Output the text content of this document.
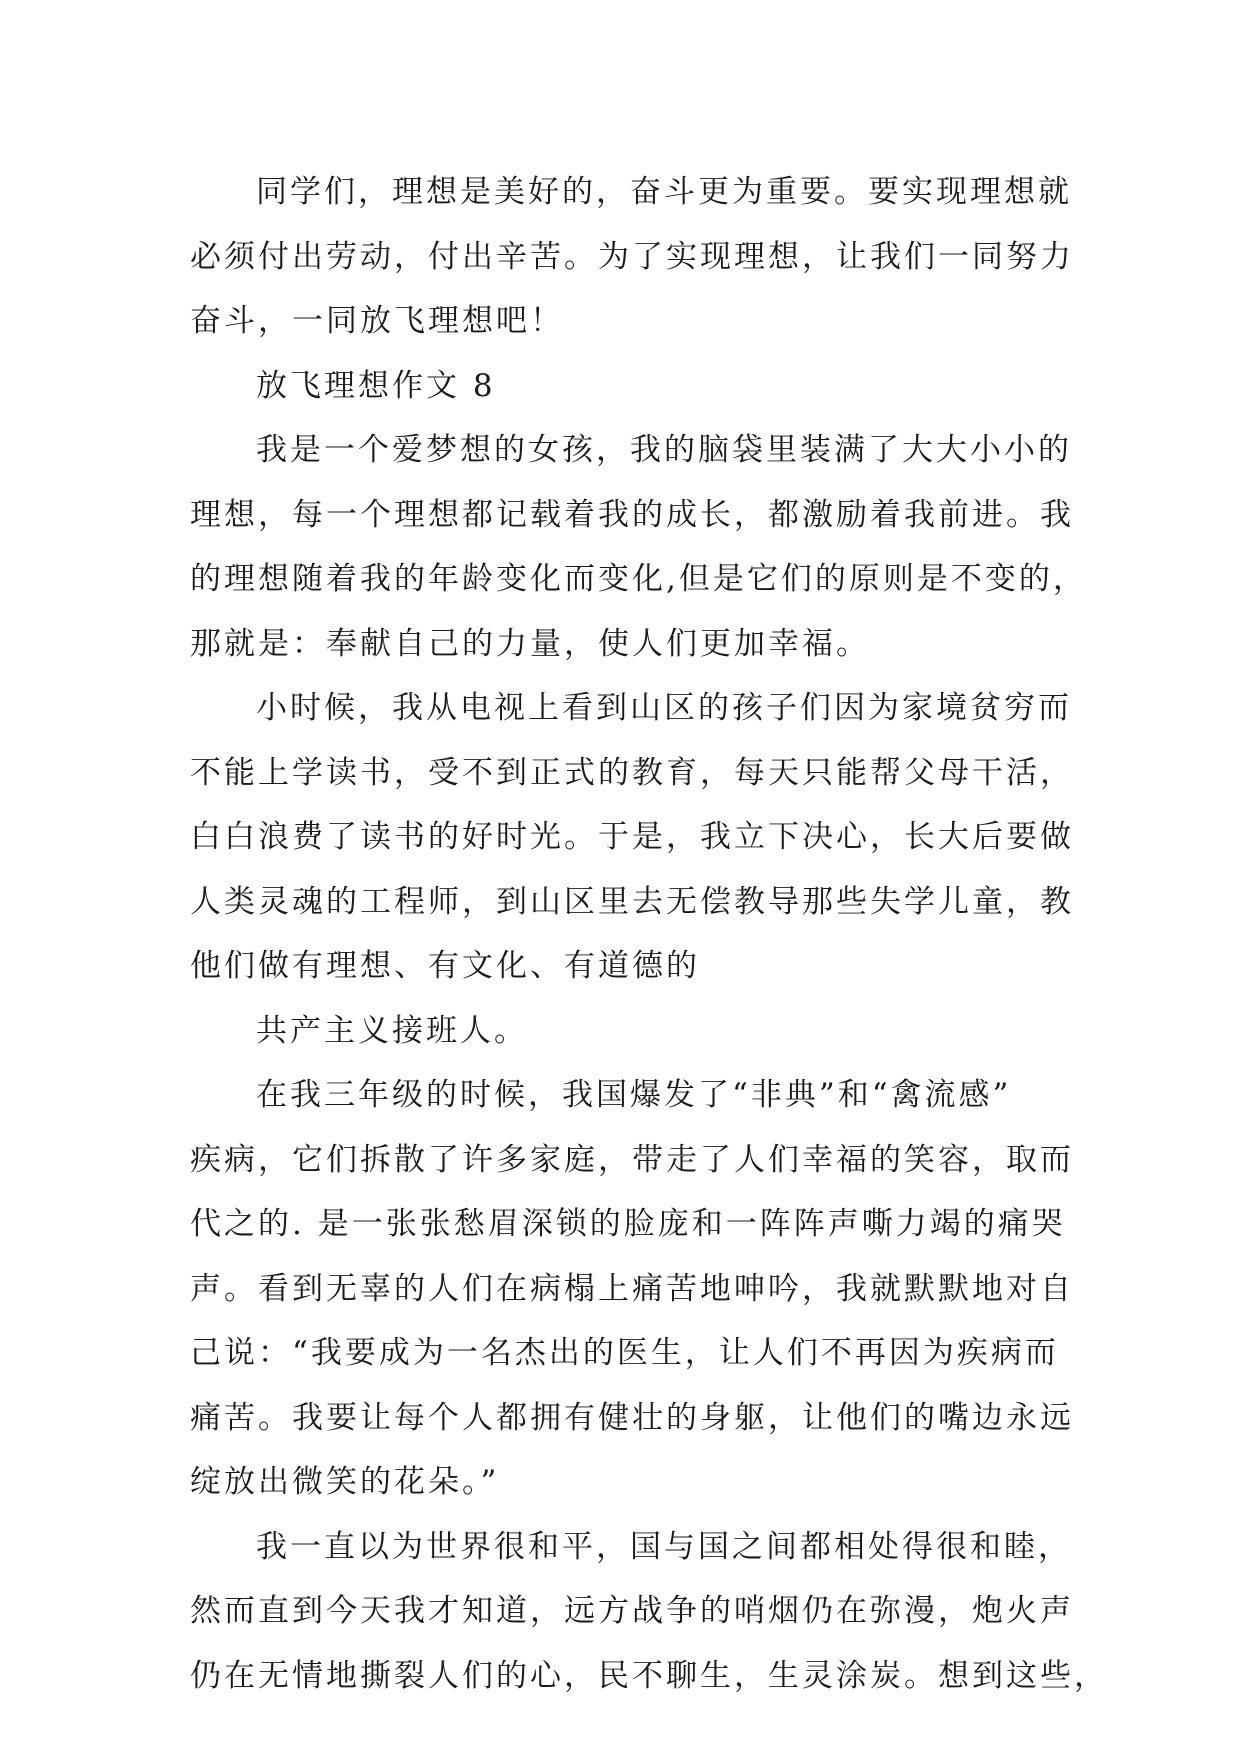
同学们，理想是美好的，奋斗更为重要。要实现理想就
必须付出劳动，付出辛苦。为了实现理想，让我们一同努力
奋斗，一同放飞理想吧！
放飞理想作文 8
我是一个爱梦想的女孩，我的脑袋里装满了大大小小的
理想，每一个理想都记载着我的成长，都激励着我前进。我
的理想随着我的年龄变化而变化,但是它们的原则是不变的，
那就是：奉献自己的力量，使人们更加幸福。
小时候，我从电视上看到山区的孩子们因为家境贫穷而
不能上学读书，受不到正式的教育，每天只能帮父母干活，
白白浪费了读书的好时光。于是，我立下决心，长大后要做
人类灵魂的工程师，到山区里去无偿教导那些失学儿童，教
他们做有理想、有文化、有道德的
共产主义接班人。
在我三年级的时候，我国爆发了“非典”和“禽流感”
疾病，它们拆散了许多家庭，带走了人们幸福的笑容，取而
代之的. 是一张张愁眉深锁的脸庞和一阵阵声嘶力竭的痛哭
声。看到无辜的人们在病榻上痛苦地呻吟，我就默默地对自
己说：“我要成为一名杰出的医生，让人们不再因为疾病而
痛苦。我要让每个人都拥有健壮的身躯，让他们的嘴边永远
绽放出微笑的花朵。”
我一直以为世界很和平，国与国之间都相处得很和睦，
然而直到今天我才知道，远方战争的哨烟仍在弥漫，炮火声
仍在无情地撕裂人们的心，民不聊生，生灵涂炭。想到这些，
